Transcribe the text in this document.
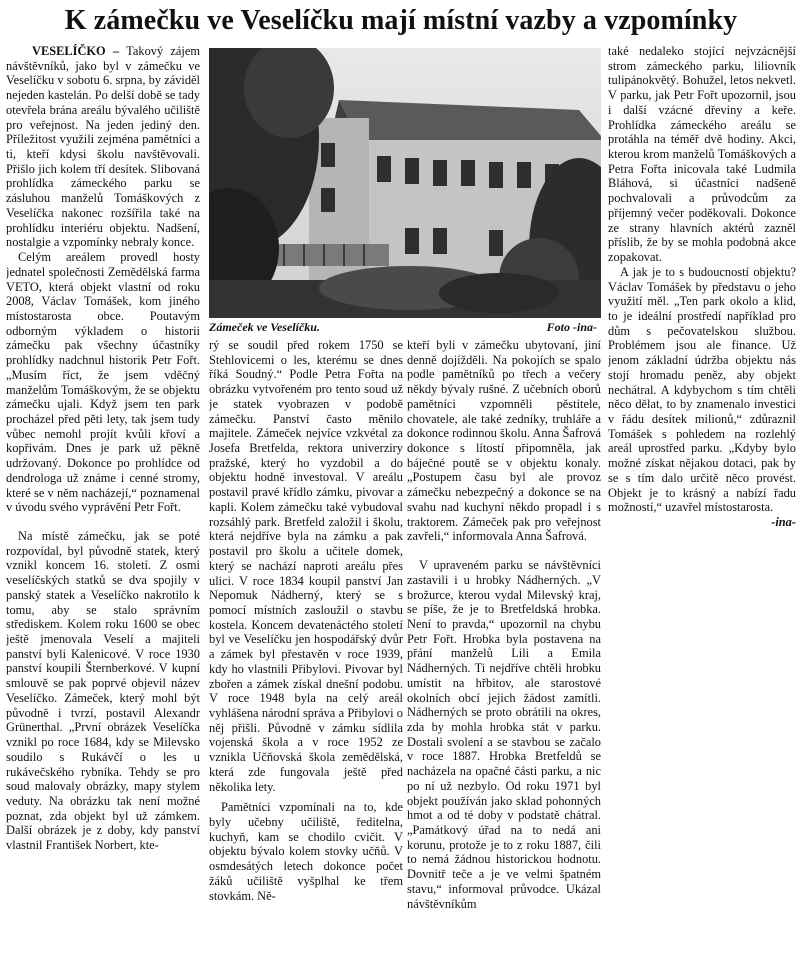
K zámečku ve Veselíčku mají místní vazby a vzpomínky

VESELÍČKO – Takový zájem návštěvníků, jako byl v zámečku ve Veselíčku v sobotu 6. srpna, by záviděl nejeden kastelán. Po delší době se tady otevřela brána areálu bývalého učiliště pro veřejnost. Na jeden jediný den. Příležitost využili zejména pamětníci a ti, kteří kdysi školu navštěvovali. Přišlo jich kolem tří desítek. Slibovaná prohlídka zámeckého parku se zásluhou manželů Tomáškových z Veselíčka nakonec rozšířila také na prohlídku interiéru objektu. Nadšení, nostalgie a vzpomínky nebraly konce.

Celým areálem provedl hosty jednatel společnosti Zemědělská farma VETO, která objekt vlastní od roku 2008, Václav Tomášek, kom jiného místostarosta obce. Poutavým odborným výkladem o historii zámečku pak všechny účastníky prohlídky nadchnul historik Petr Fořt. „Musím říct, že jsem vděčný manželům Tomáškovým, že se objektu zámečku ujali. Když jsem ten park procházel před pěti lety, tak jsem tudy vůbec nemohl projít kvůli křoví a kopřivám. Dnes je park už pěkně udržovaný. Dokonce po prohlídce od dendrologa už známe i cenné stromy, které se v něm nacházejí,“ poznamenal v úvodu svého vyprávění Petr Fořt.

Na místě zámečku, jak se poté rozpovídal, byl původně statek, který vznikl koncem 16. století. Z osmi veselíčských statků se dva spojily v panský statek a Veselíčko nakrotilo k tomu, aby se stalo správním střediskem. Kolem roku 1600 se obec ještě jmenovala Veselí a majiteli panství byli Kalenicové. V roce 1930 panství koupili Šternberkové. V kupní smlouvě se pak poprvé objevil název Veselíčko. Zámeček, který mohl být původně i tvrzí, postavil Alexandr Grünerthal. „První obrázek Veselíčka vznikl po roce 1684, kdy se Milevsko soudilo s Rukávčí o les u rukávečského rybníka. Tehdy se pro soud malovaly obrázky, mapy stylem veduty. Na obrázku tak není možné poznat, zda objekt byl už zámkem. Další obrázek je z doby, kdy panství vlastnil František Norbert, kte-

Zámeček ve Veselíčku.	Foto -ina-

rý se soudil před rokem 1750 se Stehlovicemi o les, kterému se dnes říká Soudný.“ Podle Petra Fořta na obrázku vytvořeném pro tento soud už je statek vyobrazen v podobě zámečku. Panství často měnilo majitele. Zámeček nejvíce vzkvétal za Josefa Bretfelda, rektora univerziry pražské, který ho vyzdobil a do objektu hodně investoval. V areálu postavil pravé křídlo zámku, pivovar a kapli. Kolem zámečku také vybudoval rozsáhlý park. Bretfeld založil i školu, která nejdříve byla na zámku a pak postavil pro školu a učitele domek, který se nachází naproti areálu přes ulici. V roce 1834 koupil panství Jan Nepomuk Nádherný, který se s pomocí místních zasloužil o stavbu kostela. Koncem devatenáctého století byl ve Veselíčku jen hospodářský dvůr a zámek byl přestavěn v roce 1939, kdy ho vlastnili Přibylovi. Pivovar byl zbořen a zámek získal dnešní podobu. V roce 1948 byla na celý areál vyhlášena národní správa a Přibylovi o něj přišli. Původně v zámku sídlila vojenská škola a v roce 1952 ze vznikla Učňovská škola zemědělská, která zde fungovala ještě před několika lety.

Pamětníci vzpomínali na to, kde byly učebny učiliště, ředitelna, kuchyň, kam se chodilo cvičit. V objektu bývalo kolem stovky učňů. V osmdesátých letech dokonce počet žáků učiliště vyšplhal ke třem stovkám. Ně-

kteří byli v zámečku ubytovaní, jiní denně dojížděli. Na pokojích se spalo podle pamětníků po třech a večery někdy bývaly rušné. Z učebních oborů pamětníci vzpomněli pěstitele, chovatele, ale také zedníky, truhláře a dokonce rodinnou školu. Anna Šafrová dokonce s lítostí připomněla, jak báječné poutě se v objektu konaly. „Postupem času byl ale provoz zámečku nebezpečný a dokonce se na svahu nad kuchyní někdo propadl i s traktorem. Zámeček pak pro veřejnost zavřeli,“ informovala Anna Šafrová.

V upraveném parku se návštěvníci zastavili i u hrobky Nádherných. „V brožurce, kterou vydal Milevský kraj, se píše, že je to Bretfeldská hrobka. Není to pravda,“ upozornil na chybu Petr Fořt. Hrobka byla postavena na přání manželů Lili a Emila Nádherných. Ti nejdříve chtěli hrobku umístit na hřbitov, ale starostové okolních obcí jejich žádost zamítli. Nádherných se proto obrátili na okres, zda by mohla hrobka stát v parku. Dostali svolení a se stavbou se začalo v roce 1887. Hrobka Bretfeldů se nacházela na opačné části parku, a nic po ní už nezbylo. Od roku 1971 byl objekt používán jako sklad pohonných hmot a od té doby v podstatě chátral. „Památkový úřad na to nedá ani korunu, protože je to z roku 1887, čili to nemá žádnou historickou hodnotu. Dovnitř teče a je ve velmi špatném stavu,“ informoval průvodce. Ukázal návštěvníkům

také nedaleko stojící nejvzácnější strom zámeckého parku, liliovník tulipánokvětý. Bohužel, letos nekvetl. V parku, jak Petr Fořt upozornil, jsou i další vzácné dřeviny a keře. Prohlídka zámeckého areálu se protáhla na téměř dvě hodiny. Akci, kterou krom manželů Tomáškových a Petra Fořta inicovala také Ludmila Bláhová, si účastníci nadšeně pochvalovali a průvodcům za příjemný večer poděkovali. Dokonce ze strany hlavních aktérů zazněl příslib, že by se mohla podobná akce zopakovat.

A jak je to s budoucností objektu? Václav Tomášek by představu o jeho využití měl. „Ten park okolo a klid, to je ideální prostředí například pro dům s pečovatelskou službou. Problémem jsou ale finance. Už jenom základní údržba objektu nás stojí hromadu peněz, aby objekt nechátral. A kdybychom s tím chtěli něco dělat, to by znamenalo investici v řádu desítek milionů,“ zdůraznil Tomášek s pohledem na rozlehlý areál uprostřed parku. „Kdyby bylo možné získat nějakou dotaci, pak by se s tím dalo určitě něco provést. Objekt je to krásný a nabízí řadu možností,“ uzavřel místostarosta.
-ina-
